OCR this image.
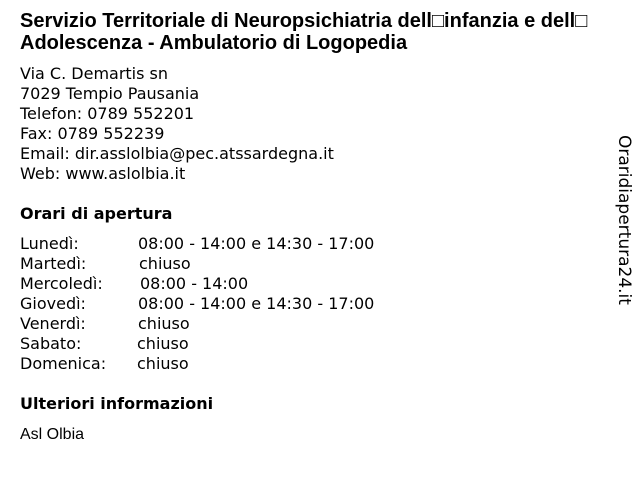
Servizio Territoriale di Neuropsichiatria dell□infanzia e dell□Adolescenza - Ambulatorio di Logopedia
Via C. Demartis sn
7029 Tempio Pausania
Telefon: 0789 552201
Fax: 0789 552239
Email: dir.asslolbia@pec.atssardegna.it
Web: www.aslolbia.it
Orari di apertura
Lunedì:	08:00 - 14:00 e 14:30 - 17:00
Martedì:	chiuso
Mercoledì: 08:00 - 14:00
Giovedì:	08:00 - 14:00 e 14:30 - 17:00
Venerdì:	chiuso
Sabato:	chiuso
Domenica: chiuso
Ulteriori informazioni
Asl Olbia
Oraridiapertura24.it
